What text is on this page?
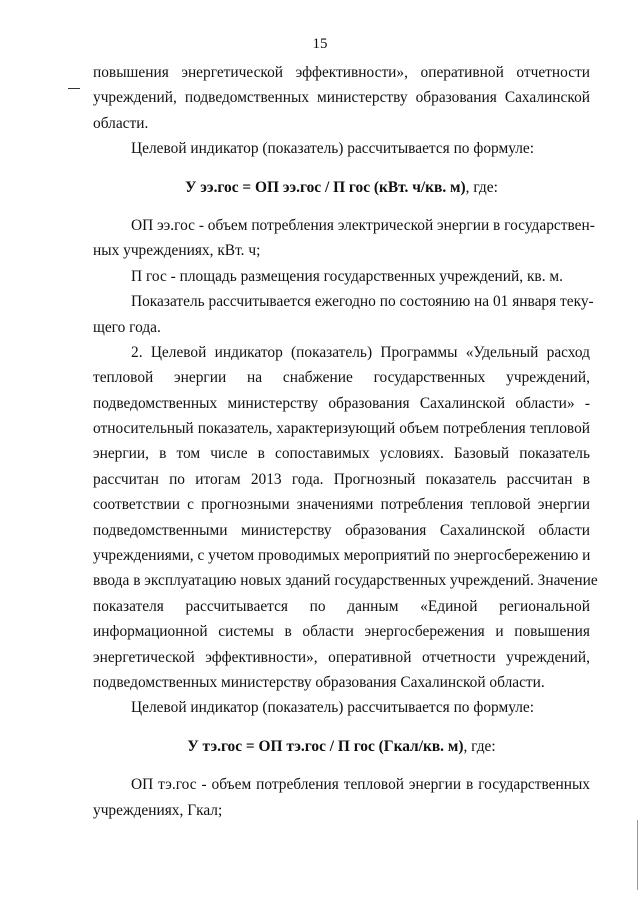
15
повышения энергетической эффективности», оперативной отчетности
учреждений, подведомственных министерству образования Сахалинской
области.
Целевой индикатор (показатель) рассчитывается по формуле:
У ээ.гос = ОП ээ.гос / П гос (кВт. ч/кв. м), где:
ОП ээ.гос - объем потребления электрической энергии в государствен-
ных учреждениях, кВт. ч;
П гос - площадь размещения государственных учреждений, кв. м.
Показатель рассчитывается ежегодно по состоянию на 01 января теку-
щего года.
2. Целевой индикатор (показатель) Программы «Удельный расход
тепловой энергии на снабжение государственных учреждений,
подведомственных министерству образования Сахалинской области» -
относительный показатель, характеризующий объем потребления тепловой
энергии, в том числе в сопоставимых условиях. Базовый показатель
рассчитан по итогам 2013 года. Прогнозный показатель рассчитан в
соответствии с прогнозными значениями потребления тепловой энергии
подведомственными министерству образования Сахалинской области
учреждениями, с учетом проводимых мероприятий по энергосбережению и
ввода в эксплуатацию новых зданий государственных учреждений. Значение
показателя рассчитывается по данным «Единой региональной
информационной системы в области энергосбережения и повышения
энергетической эффективности», оперативной отчетности учреждений,
подведомственных министерству образования Сахалинской области.
Целевой индикатор (показатель) рассчитывается по формуле:
У тэ.гос = ОП тэ.гос / П гос (Гкал/кв. м), где:
ОП тэ.гос - объем потребления тепловой энергии в государственных
учреждениях, Гкал;
